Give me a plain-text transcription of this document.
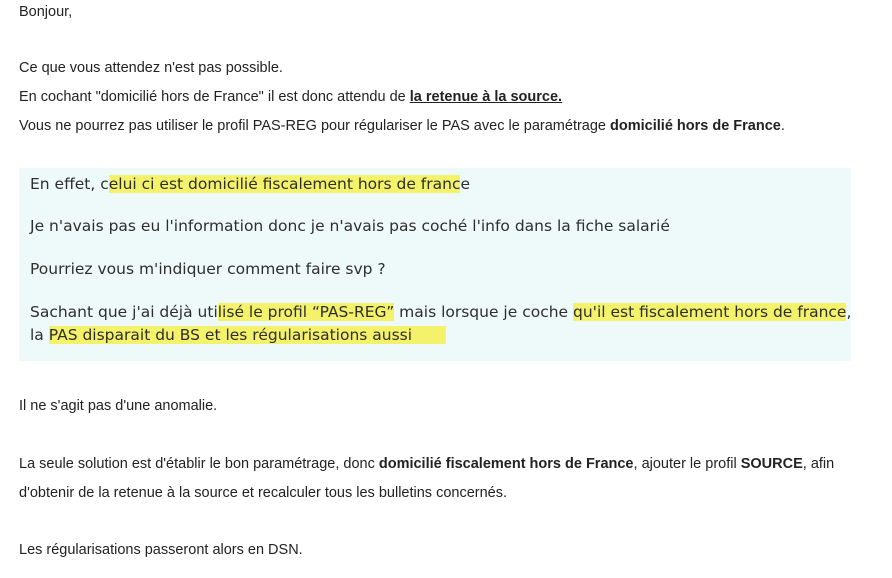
Bonjour,
Ce que vous attendez n'est pas possible.
En cochant "domicilié hors de France" il est donc attendu de la retenue à la source.
Vous ne pourrez pas utiliser le profil PAS-REG pour régulariser le PAS avec le paramétrage domicilié hors de France.
En effet, celui ci est domicilié fiscalement hors de france
Je n'avais pas eu l'information donc je n'avais pas coché l'info dans la fiche salarié
Pourriez vous m'indiquer comment faire svp ?
Sachant que j'ai déjà utilisé le profil “PAS-REG” mais lorsque je coche qu'il est fiscalement hors de france,
la PAS disparait du BS et les régularisations aussi
Il ne s'agit pas d'une anomalie.
La seule solution est d'établir le bon paramétrage, donc domicilié fiscalement hors de France, ajouter le profil SOURCE, afin
d'obtenir de la retenue à la source et recalculer tous les bulletins concernés.
Les régularisations passeront alors en DSN.
